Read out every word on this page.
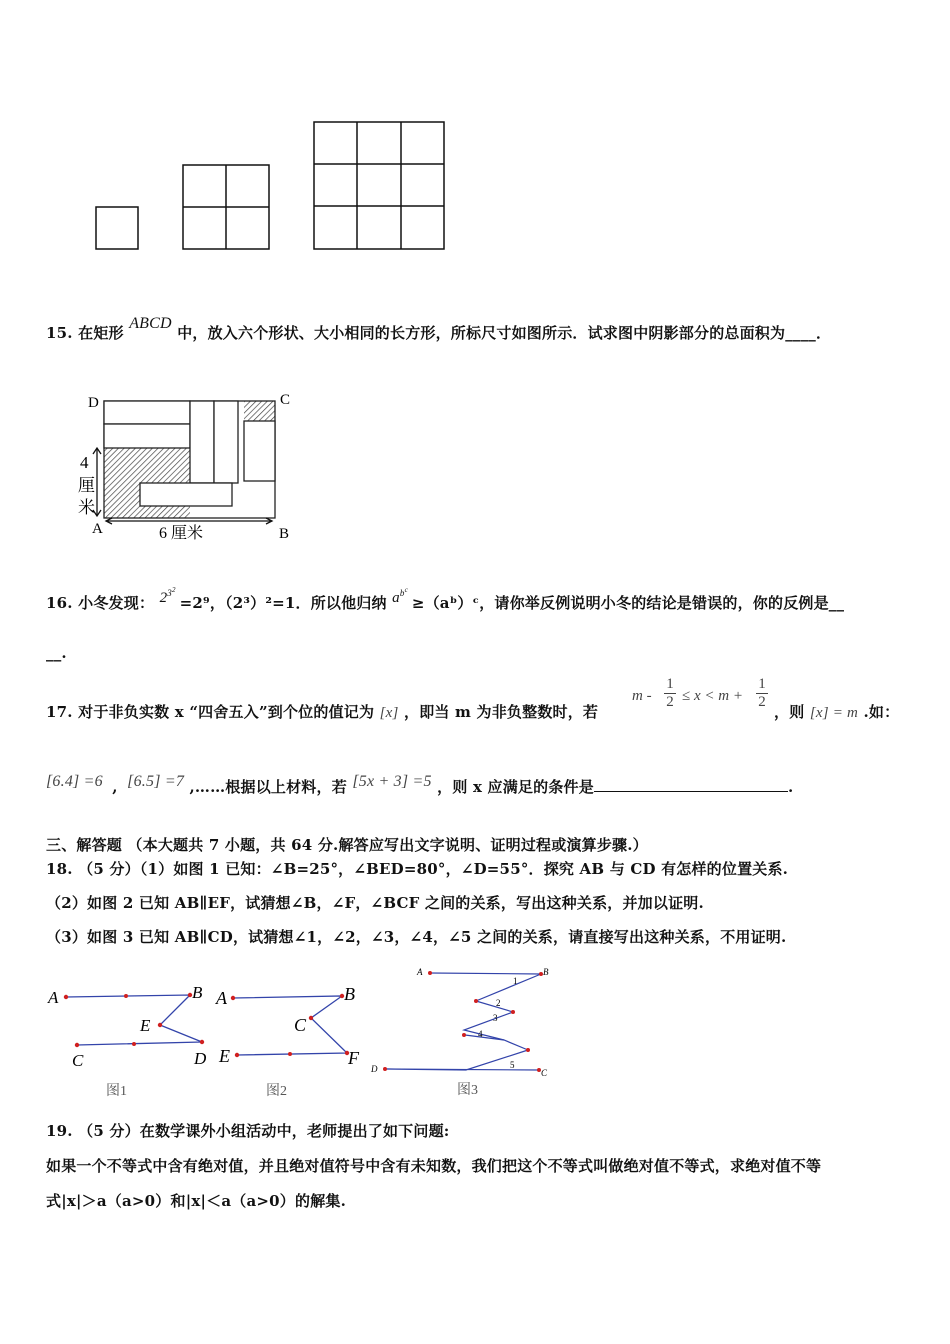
15. 在矩形 ABCD 中，放入六个形状、大小相同的长方形，所标尺寸如图所示．试求图中阴影部分的总面积为____．
D	C
A	B
4
厘
米
6 厘米
16. 小冬发现： $2^{3^2} =2^9$，（2³）²=1．所以他归纳 $a^{b^c}$ ≥（aᵇ）ᶜ，请你举反例说明小冬的结论是错误的，你的反例是__
__.
17. 对于非负实数 x “四舍五入”到个位的值记为 [x] ，即当 m 为非负整数时，若
$m - \frac{1}{2} \le x < m + \frac{1}{2}$
，则 [x] = m .如：
[6.4] =6 , [6.5] =7 ,……根据以上材料，若 [5x + 3] =5 ，则 x 应满足的条件是	.
三、解答题 （本大题共 7 小题，共 64 分.解答应写出文字说明、证明过程或演算步骤.）
18. （5 分）（1）如图 1 已知：∠B=25°，∠BED=80°，∠D=55°．探究 AB 与 CD 有怎样的位置关系.
（2）如图 2 已知 AB∥EF，试猜想∠B，∠F，∠BCF 之间的关系，写出这种关系，并加以证明.
（3）如图 3 已知 AB∥CD，试猜想∠1，∠2，∠3，∠4，∠5 之间的关系，请直接写出这种关系，不用证明.
A	B
E
C	D
图1
A	B
C
E	F
图2
A	B
C
D
1
2
3
4
5
图3
19. （5 分）在数学课外小组活动中，老师提出了如下问题:
如果一个不等式中含有绝对值，并且绝对值符号中含有未知数，我们把这个不等式叫做绝对值不等式，求绝对值不等
式|x|＞a（a>0）和|x|＜a（a>0）的解集.
